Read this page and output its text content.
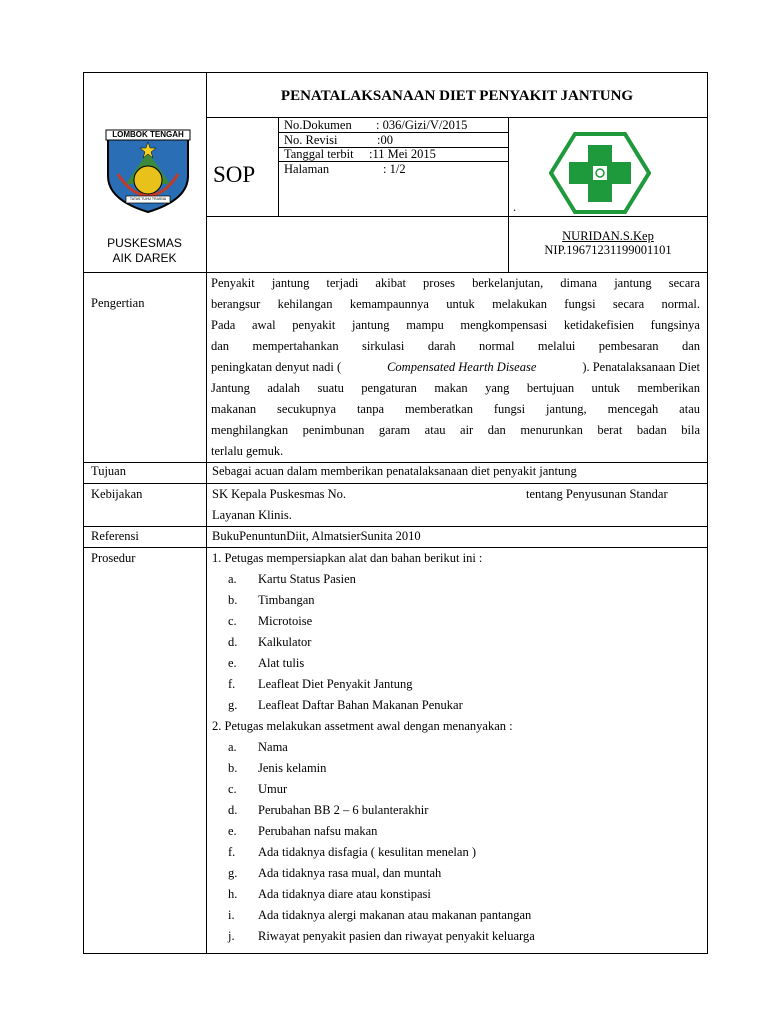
PENATALAKSANAAN DIET PENYAKIT JANTUNG
LOMBOK TENGAH
TATAS TUHU TRASNA
PUSKESMAS
AIK DAREK
SOP
No.Dokumen : 036/Gizi/V/2015
No. Revisi	:00
Tanggal terbit :11 Mei 2015
Halaman	: 1/2
.
NURIDAN.S.Kep
NIP.19671231199001101
Pengertian
Penyakit jantung terjadi akibat proses berkelanjutan, dimana jantung secara
berangsur kehilangan kemampaunnya untuk melakukan fungsi secara normal.
Pada awal penyakit jantung mampu mengkompensasi ketidakefisien fungsinya
dan mempertahankan sirkulasi darah normal melalui pembesaran dan
peningkatan denyut nadi (	Compensated Hearth Disease	). Penatalaksanaan Diet
Jantung adalah suatu pengaturan makan yang bertujuan untuk memberikan
makanan secukupnya tanpa memberatkan fungsi jantung, mencegah atau
menghilangkan penimbunan garam atau air dan menurunkan berat badan bila
terlalu gemuk.
Tujuan	Sebagai acuan dalam memberikan penatalaksanaan diet penyakit jantung
Kebijakan	SK Kepala Puskesmas No.	tentang Penyusunan Standar
Layanan Klinis.
Referensi	BukuPenuntunDiit, AlmatsierSunita 2010
Prosedur	1. Petugas mempersiapkan alat dan bahan berikut ini :
a. Kartu Status Pasien
b. Timbangan
c. Microtoise
d. Kalkulator
e. Alat tulis
f. Leafleat Diet Penyakit Jantung
g. Leafleat Daftar Bahan Makanan Penukar
2. Petugas melakukan assetment awal dengan menanyakan :
a. Nama
b. Jenis kelamin
c. Umur
d. Perubahan BB 2 – 6 bulanterakhir
e. Perubahan nafsu makan
f. Ada tidaknya disfagia ( kesulitan menelan )
g. Ada tidaknya rasa mual, dan muntah
h. Ada tidaknya diare atau konstipasi
i. Ada tidaknya alergi makanan atau makanan pantangan
j. Riwayat penyakit pasien dan riwayat penyakit keluarga
